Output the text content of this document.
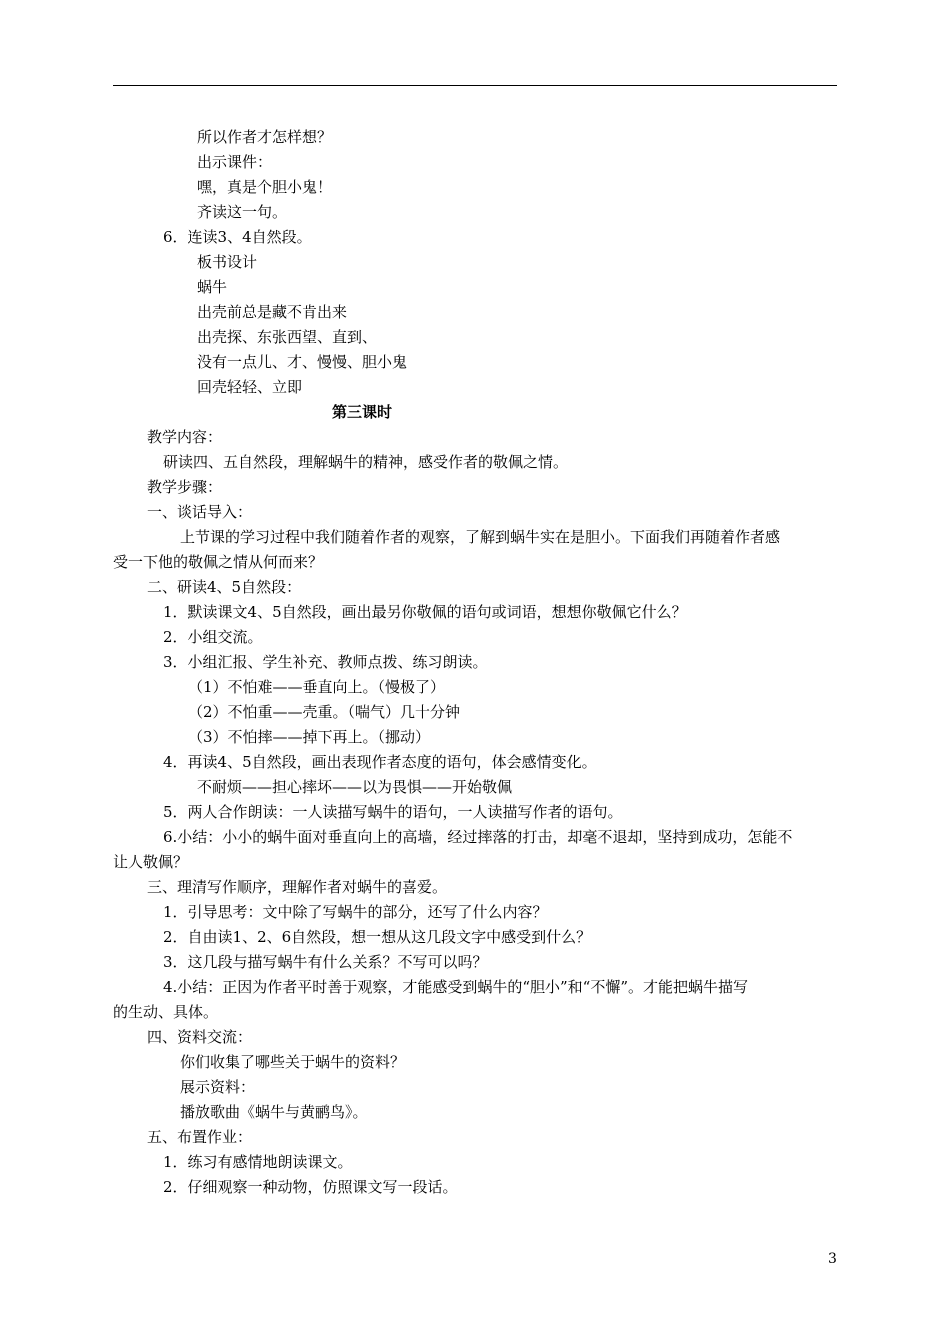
所以作者才怎样想？
出示课件：
嘿，真是个胆小鬼！
齐读这一句。
6．连读3、4自然段。
板书设计
蜗牛
出壳前总是藏不肯出来
出壳探、东张西望、直到、
没有一点儿、才、慢慢、胆小鬼
回壳轻轻、立即
第三课时
教学内容：
研读四、五自然段，理解蜗牛的精神，感受作者的敬佩之情。
教学步骤：
一、谈话导入：
上节课的学习过程中我们随着作者的观察，了解到蜗牛实在是胆小。下面我们再随着作者感
受一下他的敬佩之情从何而来？
二、研读4、5自然段：
1．默读课文4、5自然段，画出最另你敬佩的语句或词语，想想你敬佩它什么？
2．小组交流。
3．小组汇报、学生补充、教师点拨、练习朗读。
（1）不怕难——垂直向上。（慢极了）
（2）不怕重——壳重。（喘气）几十分钟
（3）不怕摔——掉下再上。（挪动）
4．再读4、5自然段，画出表现作者态度的语句，体会感情变化。
不耐烦——担心摔坏——以为畏惧——开始敬佩
5．两人合作朗读：一人读描写蜗牛的语句，一人读描写作者的语句。
6.小结：小小的蜗牛面对垂直向上的高墙，经过摔落的打击，却毫不退却，坚持到成功，怎能不
让人敬佩？
三、理清写作顺序，理解作者对蜗牛的喜爱。
1．引导思考：文中除了写蜗牛的部分，还写了什么内容？
2．自由读1、2、6自然段，想一想从这几段文字中感受到什么？
3．这几段与描写蜗牛有什么关系？不写可以吗？
4.小结：正因为作者平时善于观察，才能感受到蜗牛的“胆小”和“不懈”。才能把蜗牛描写
的生动、具体。
四、资料交流：
你们收集了哪些关于蜗牛的资料？
展示资料：
播放歌曲《蜗牛与黄鹂鸟》。
五、布置作业：
1．练习有感情地朗读课文。
2．仔细观察一种动物，仿照课文写一段话。
3
